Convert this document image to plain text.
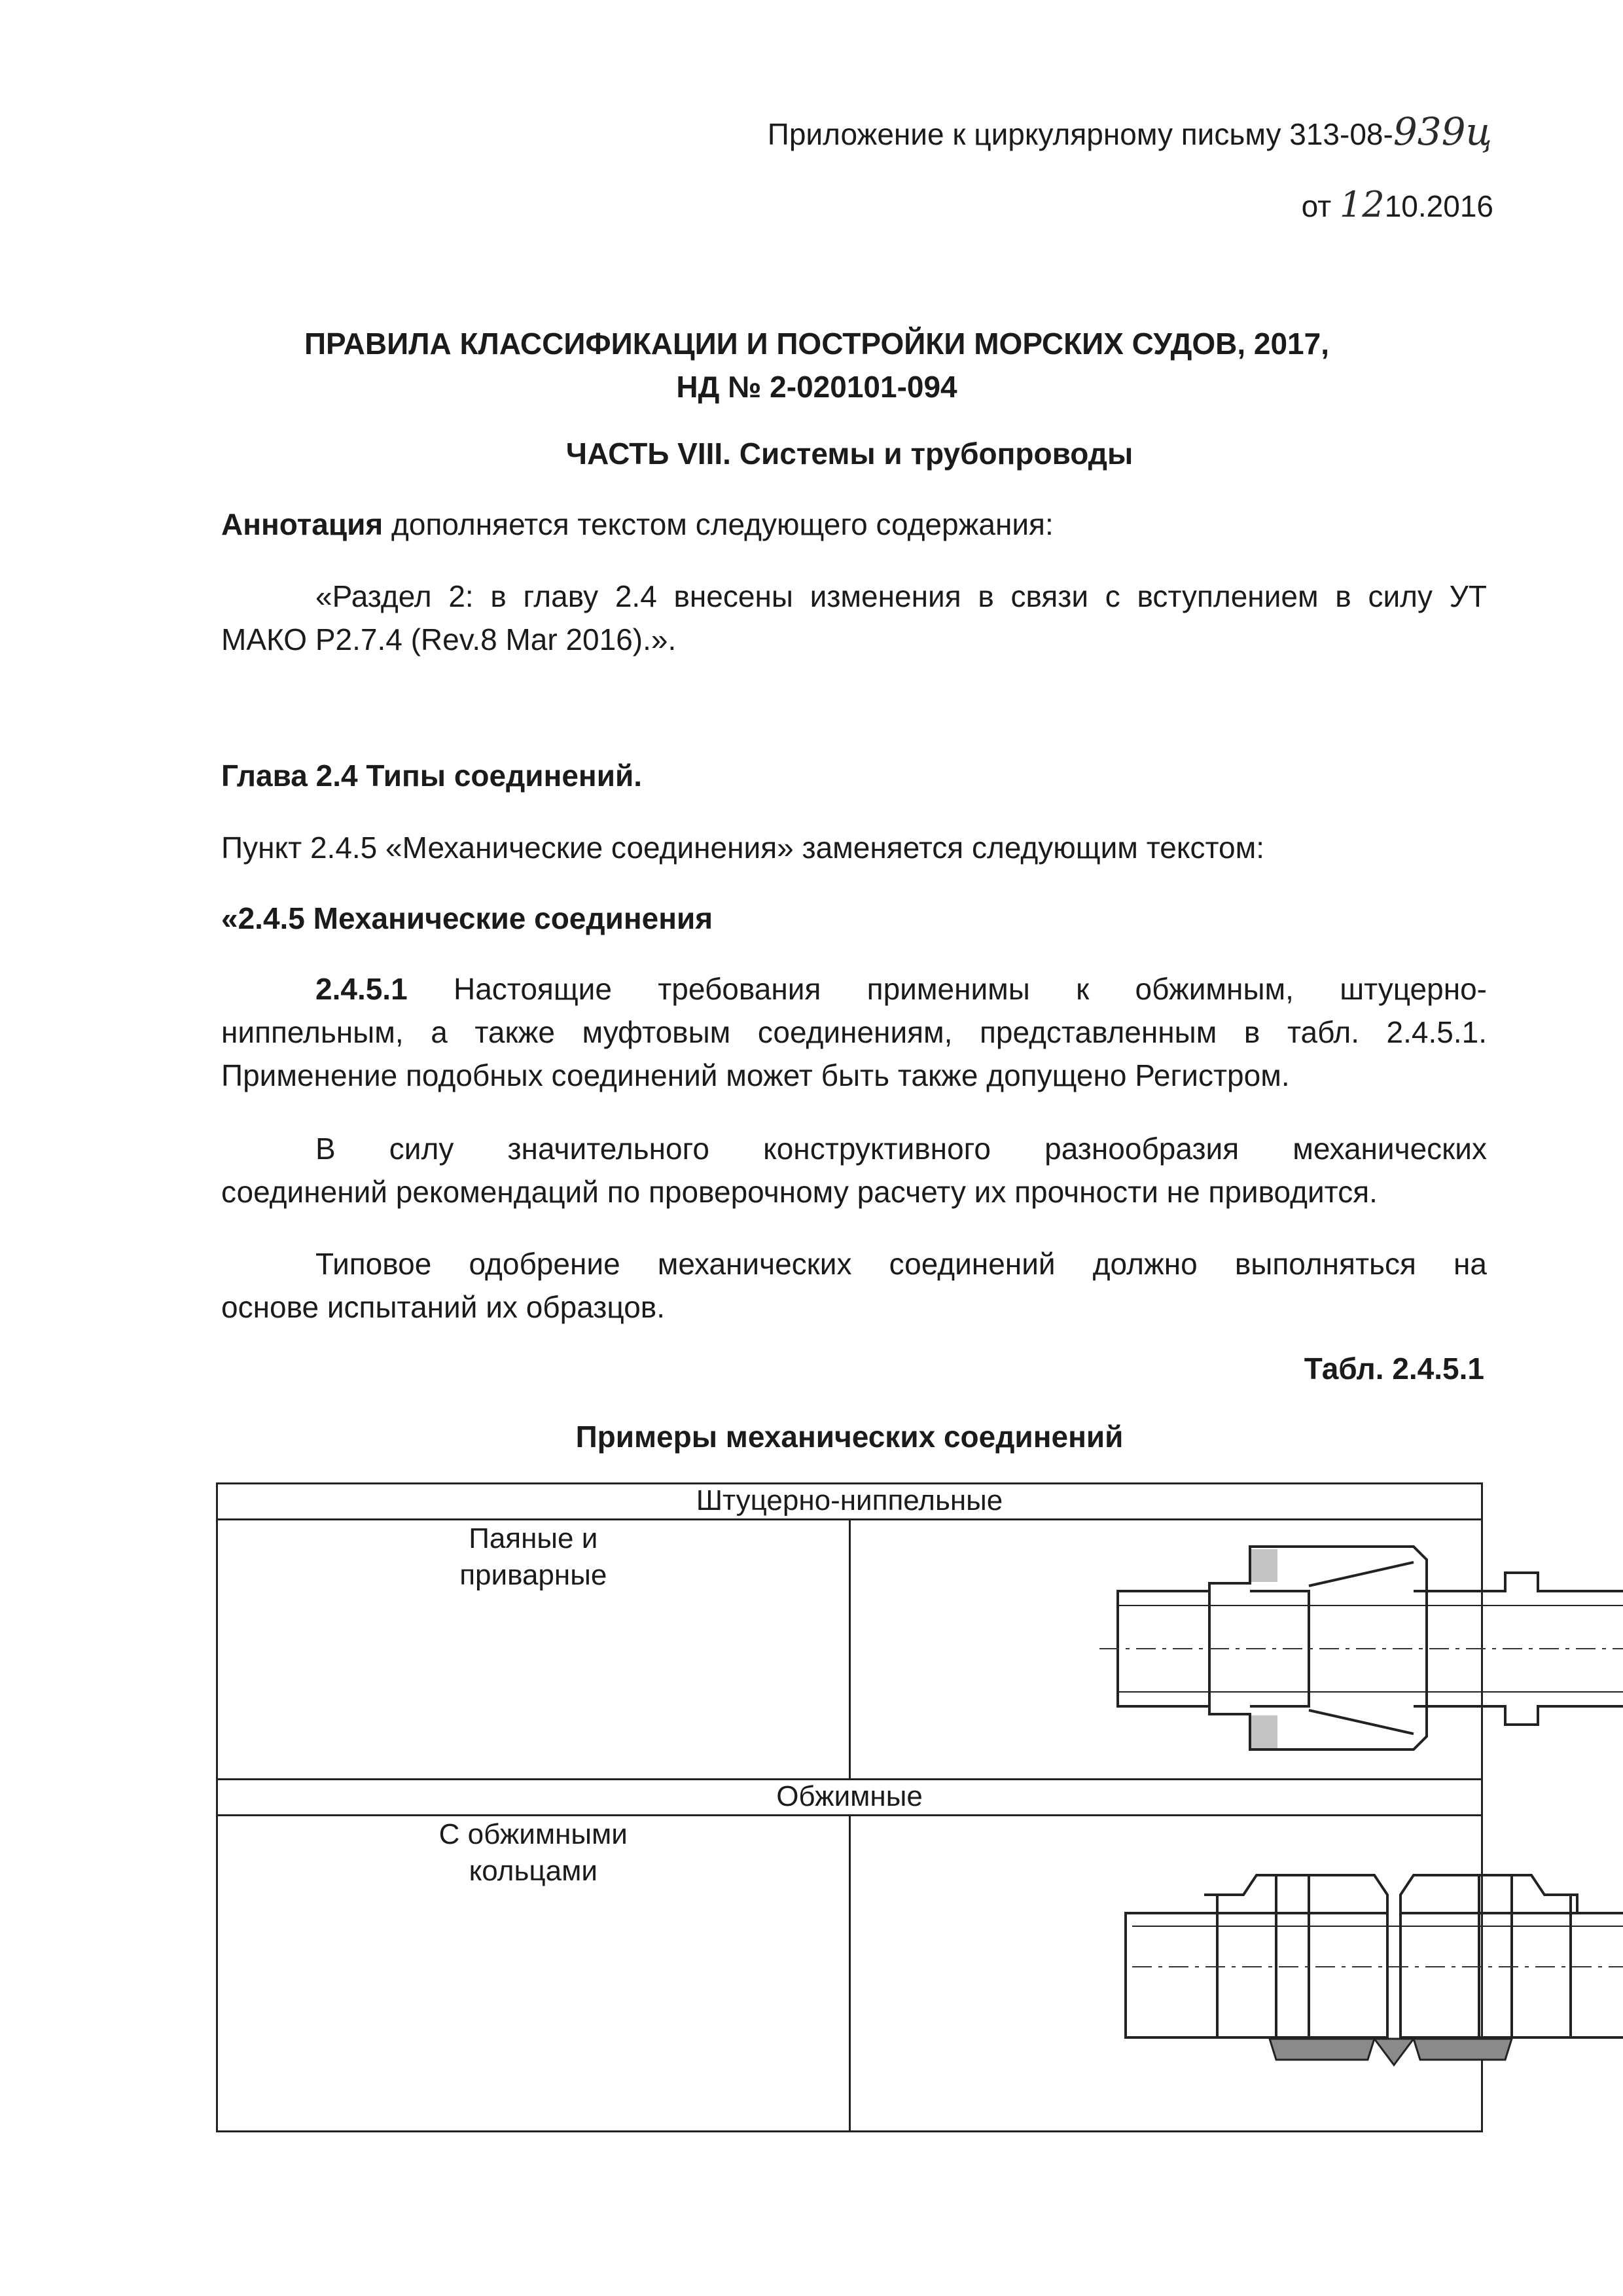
Приложение к циркулярному письму 313-08-939ц
от 1210.2016
ПРАВИЛА КЛАССИФИКАЦИИ И ПОСТРОЙКИ МОРСКИХ СУДОВ, 2017,
НД № 2-020101-094
ЧАСТЬ VIII. Системы и трубопроводы
Аннотация дополняется текстом следующего содержания:
«Раздел 2: в главу 2.4 внесены изменения в связи с вступлением в силу УТ
МАКО P2.7.4 (Rev.8 Mar 2016).».
Глава 2.4 Типы соединений.
Пункт 2.4.5 «Механические соединения» заменяется следующим текстом:
«2.4.5 Механические соединения
2.4.5.1 Настоящие требования применимы к обжимным, штуцерно-
ниппельным, а также муфтовым соединениям, представленным в табл. 2.4.5.1.
Применение подобных соединений может быть также допущено Регистром.
В силу значительного конструктивного разнообразия механических
соединений рекомендаций по проверочному расчету их прочности не приводится.
Типовое одобрение механических соединений должно выполняться на
основе испытаний их образцов.
Табл. 2.4.5.1
Примеры механических соединений
Штуцерно-ниппельные	

Паяные и
приварные

Обжимные	

С обжимными
кольцами
